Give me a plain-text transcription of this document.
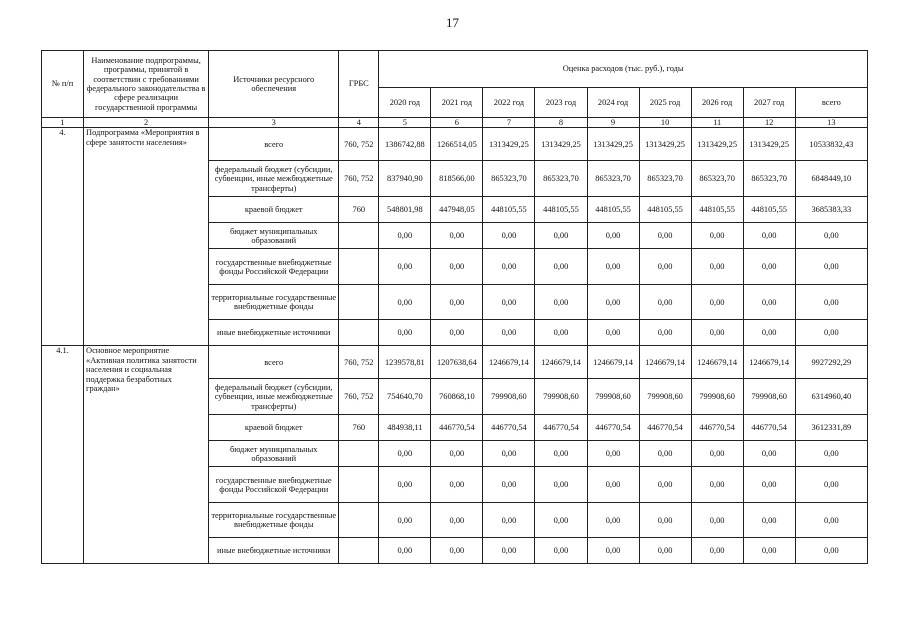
17
№ п/п	Наименование подпрограммы, программы, принятой в соответствии с требованиями федерального законодательства в сфере реализации государственной программы	Источники ресурсного обеспечения	ГРБС	Оценка расходов (тыс. руб.), годы								
				2020 год	2021 год	2022 год	2023 год	2024 год	2025 год	2026 год	2027 год	всего
1	2	3	4	5	6	7	8	9	10	11	12	13
4.	Подпрограмма «Мероприятия в сфере занятости населения»	всего	760, 752	1386742,88	1266514,05	1313429,25	1313429,25	1313429,25	1313429,25	1313429,25	1313429,25	10533832,43
		федеральный бюджет (субсидии, субвенции, иные межбюджетные трансферты)	760, 752	837940,90	818566,00	865323,70	865323,70	865323,70	865323,70	865323,70	865323,70	6848449,10
		краевой бюджет	760	548801,98	447948,05	448105,55	448105,55	448105,55	448105,55	448105,55	448105,55	3685383,33
		бюджет муниципальных образований		0,00	0,00	0,00	0,00	0,00	0,00	0,00	0,00	0,00
		государственные внебюджетные фонды Российской Федерации		0,00	0,00	0,00	0,00	0,00	0,00	0,00	0,00	0,00
		территориальные государственные внебюджетные фонды		0,00	0,00	0,00	0,00	0,00	0,00	0,00	0,00	0,00
		иные внебюджетные источники		0,00	0,00	0,00	0,00	0,00	0,00	0,00	0,00	0,00
4.1.	Основное мероприятие «Активная политика занятости населения и социальная поддержка безработных граждан»	всего	760, 752	1239578,81	1207638,64	1246679,14	1246679,14	1246679,14	1246679,14	1246679,14	1246679,14	9927292,29
		федеральный бюджет (субсидии, субвенции, иные межбюджетные трансферты)	760, 752	754640,70	760868,10	799908,60	799908,60	799908,60	799908,60	799908,60	799908,60	6314960,40
		краевой бюджет	760	484938,11	446770,54	446770,54	446770,54	446770,54	446770,54	446770,54	446770,54	3612331,89
		бюджет муниципальных образований		0,00	0,00	0,00	0,00	0,00	0,00	0,00	0,00	0,00
		государственные внебюджетные фонды Российской Федерации		0,00	0,00	0,00	0,00	0,00	0,00	0,00	0,00	0,00
		территориальные государственные внебюджетные фонды		0,00	0,00	0,00	0,00	0,00	0,00	0,00	0,00	0,00
		иные внебюджетные источники		0,00	0,00	0,00	0,00	0,00	0,00	0,00	0,00	0,00
